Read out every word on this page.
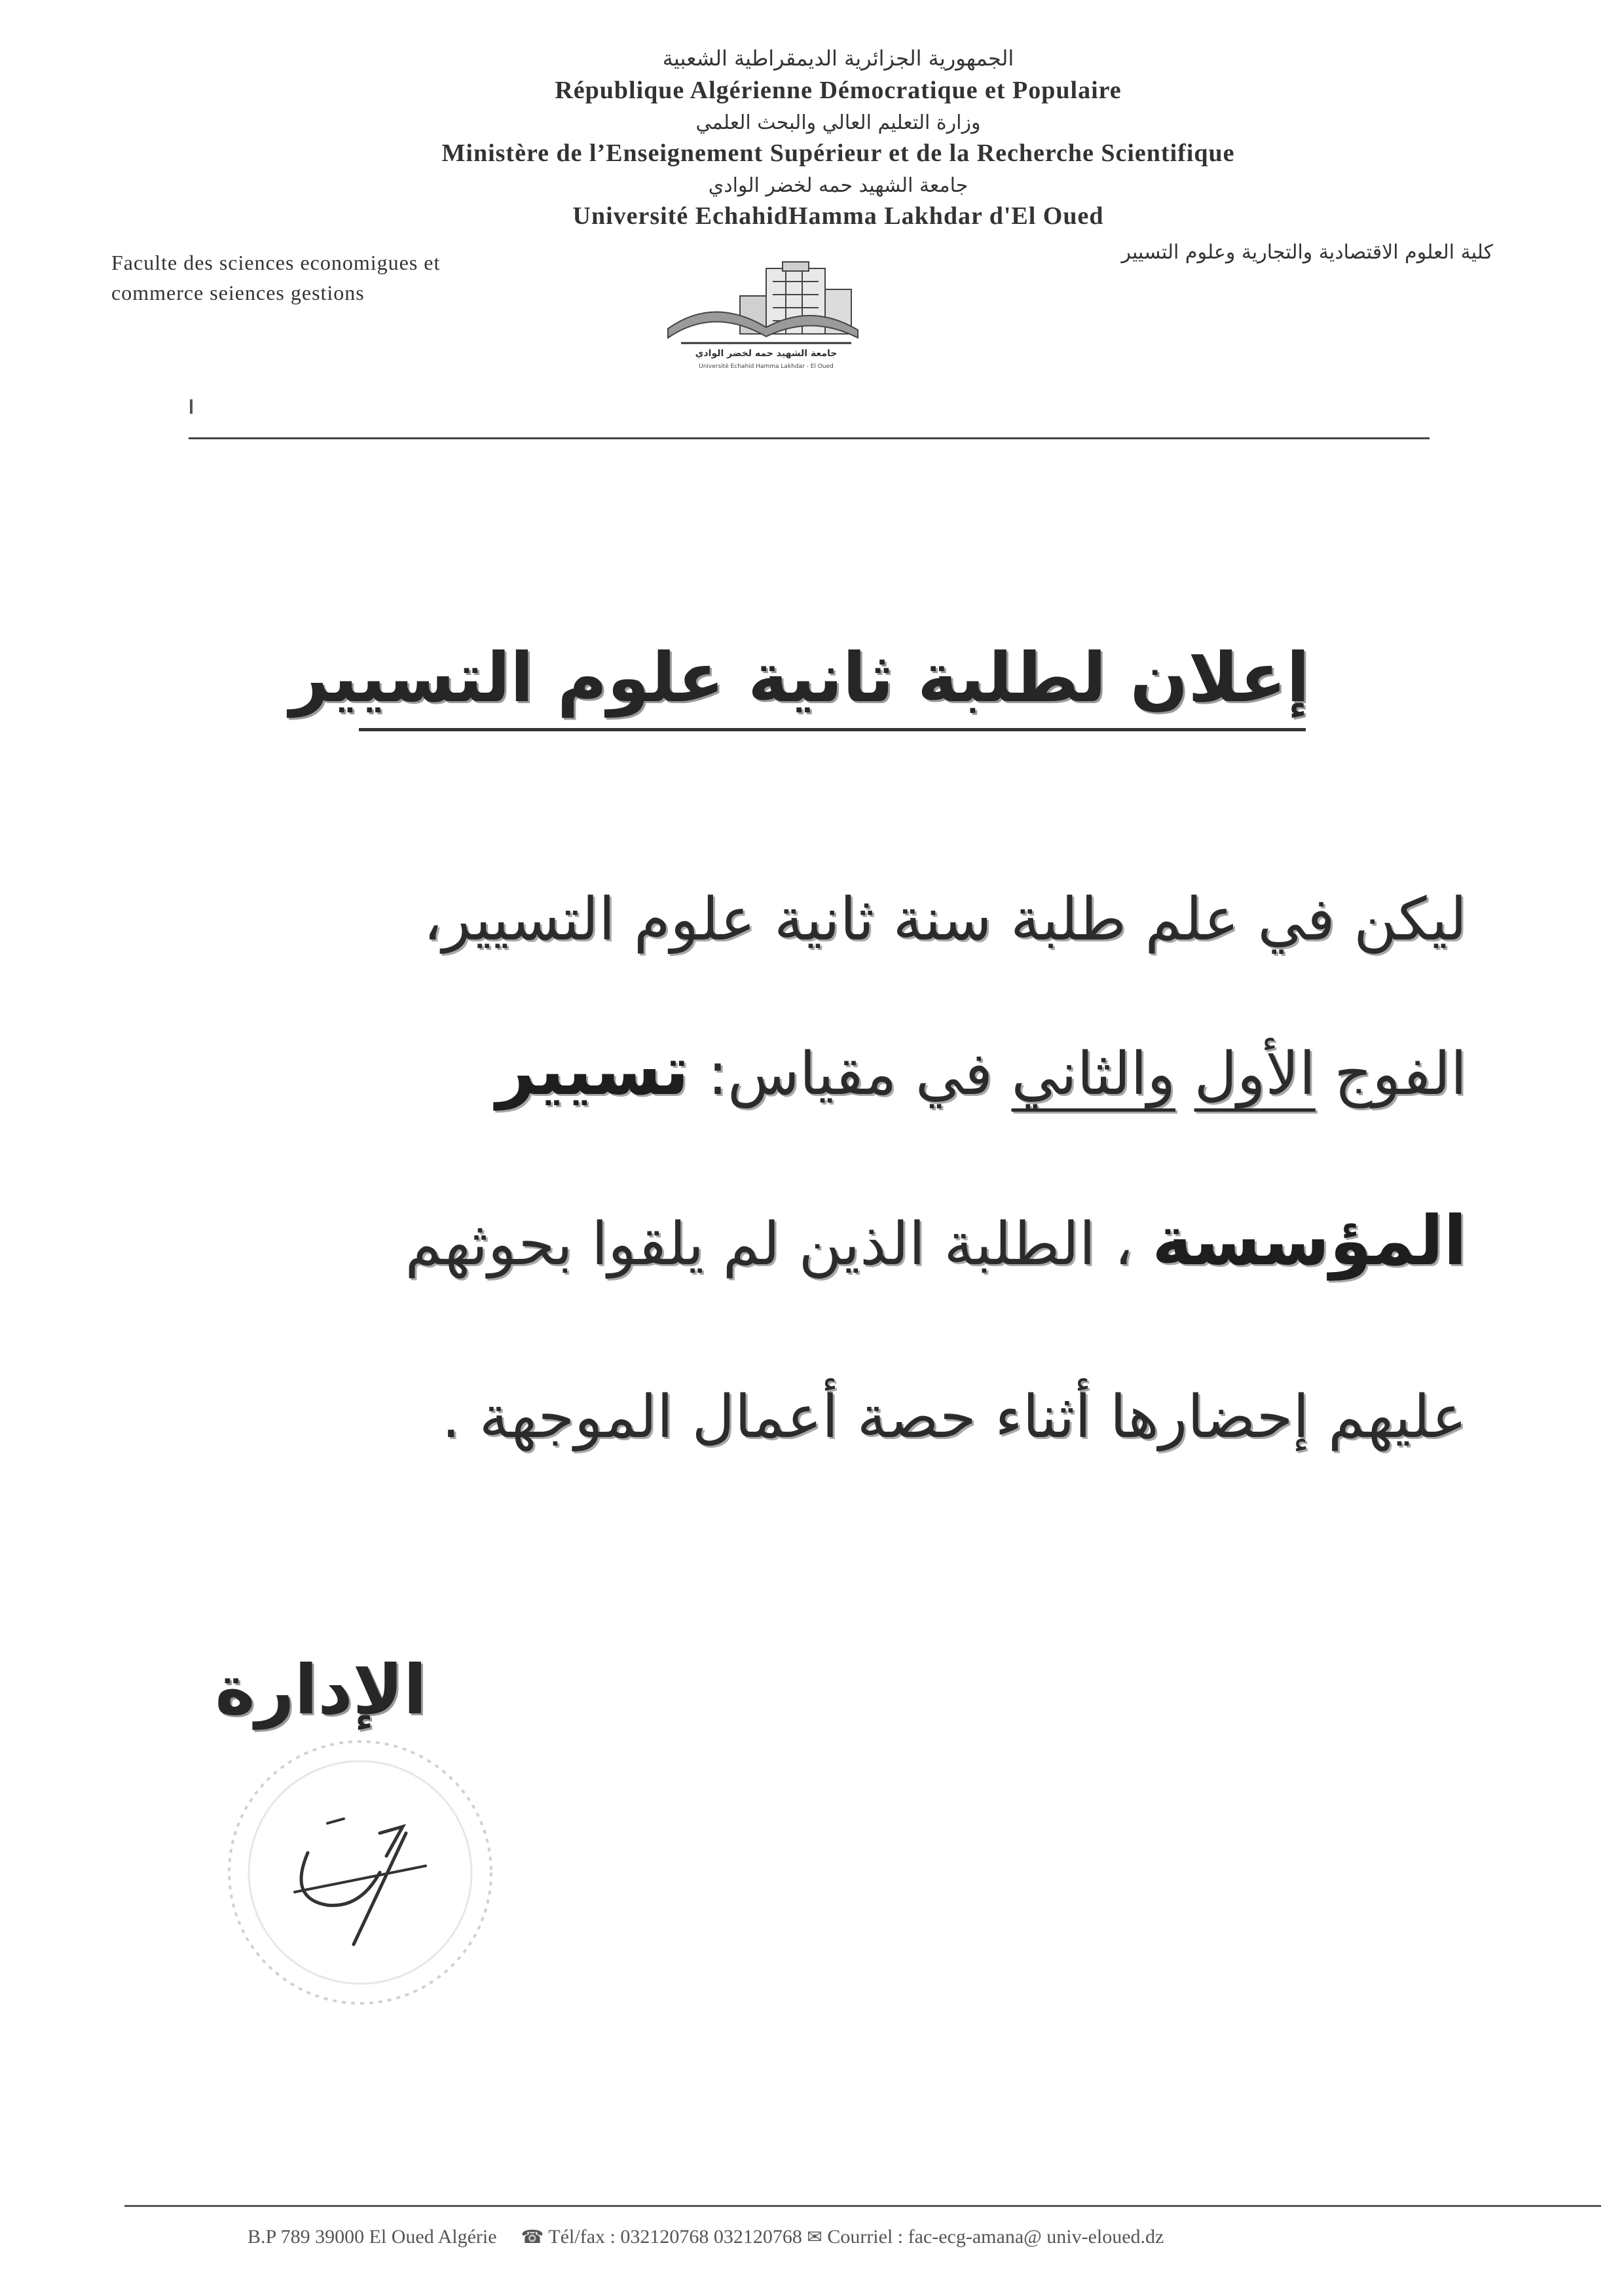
الجمهورية الجزائرية الديمقراطية الشعبية
République Algérienne Démocratique et Populaire
وزارة التعليم العالي والبحث العلمي
Ministère de l’Enseignement Supérieur et de la Recherche Scientifique
جامعة الشهيد حمه لخضر الوادي
Université EchahidHamma Lakhdar d'El Oued
Faculte des sciences economigues et
commerce seiences gestions
كلية العلوم الاقتصادية والتجارية وعلوم التسيير
جامعة الشهيد حمه لخضر الوادي
Université Echahid Hamma Lakhdar - El Oued
إعلان لطلبة ثانية علوم التسيير
ليكن في علم طلبة سنة ثانية علوم التسيير،
الفوج الأول والثاني في مقياس: تسيير
المؤسسة ، الطلبة الذين لم يلقوا بحوثهم
عليهم إحضارها أثناء حصة أعمال الموجهة .
الإدارة
B.P 789 39000 El Oued Algérie ☎ Tél/fax : 032120768 032120768 ✉ Courriel : fac-ecg-amana@ univ-eloued.dz
